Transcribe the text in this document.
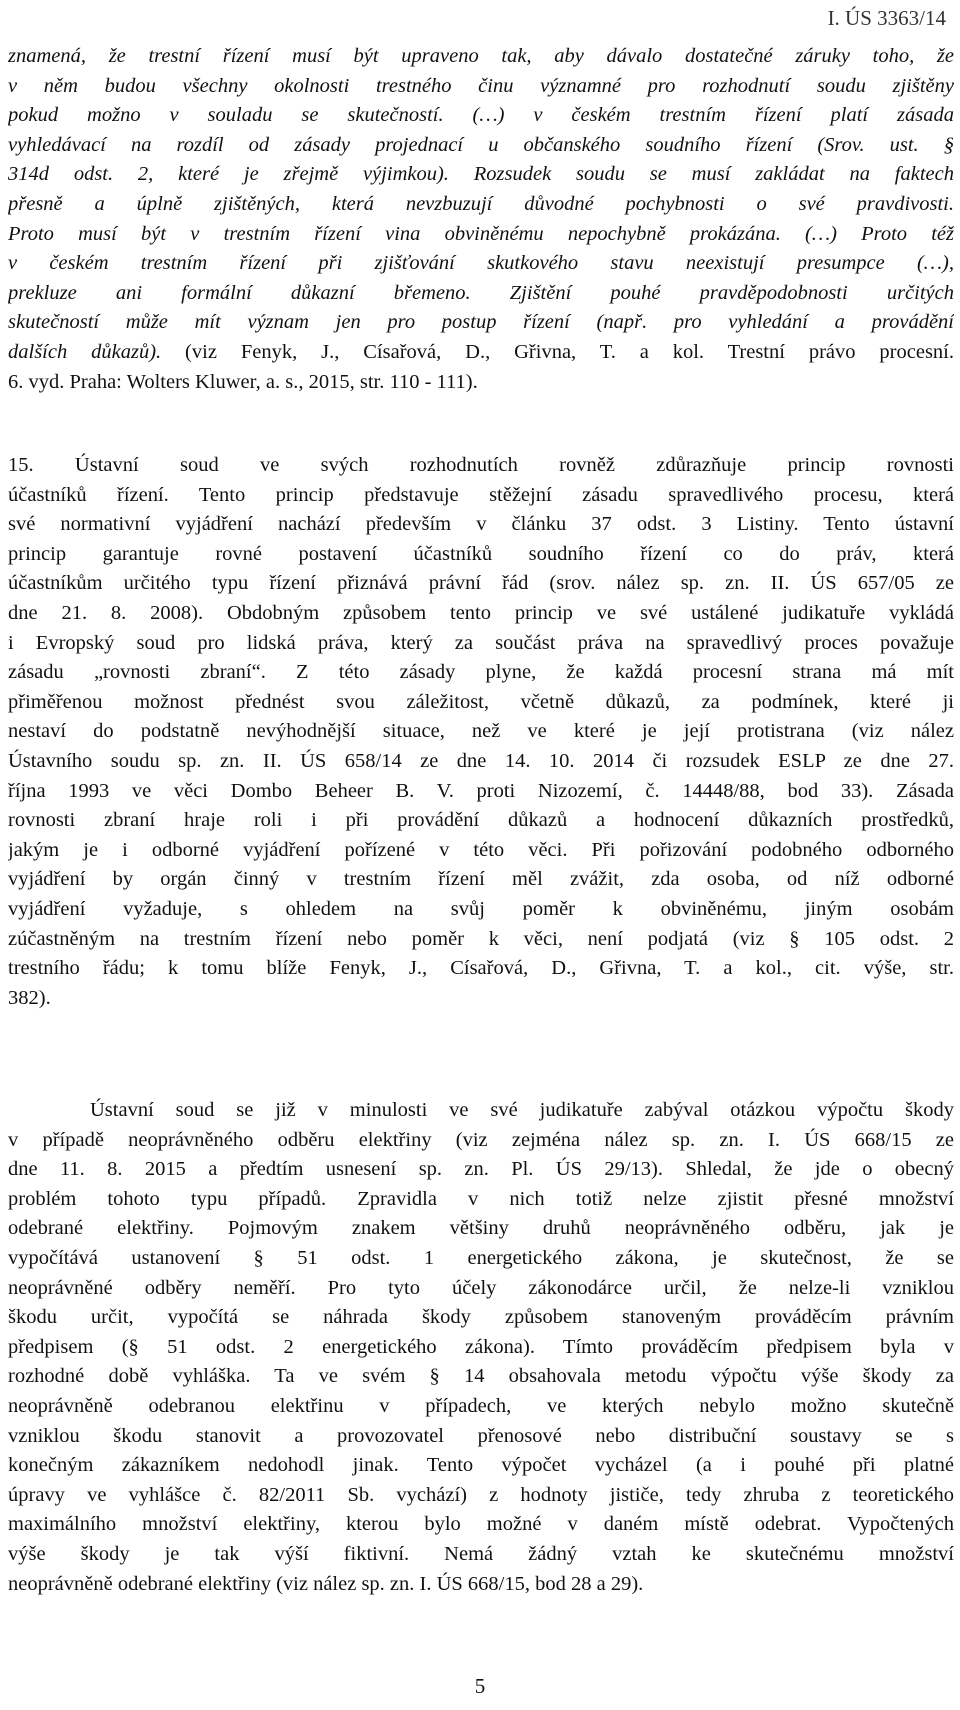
I. ÚS 3363/14
znamená, že trestní řízení musí být upraveno tak, aby dávalo dostatečné záruky toho, že
v něm budou všechny okolnosti trestného činu významné pro rozhodnutí soudu zjištěny
pokud možno v souladu se skutečností. (…) v českém trestním řízení platí zásada
vyhledávací na rozdíl od zásady projednací u občanského soudního řízení (Srov. ust. §
314d odst. 2, které je zřejmě výjimkou). Rozsudek soudu se musí zakládat na faktech
přesně a úplně zjištěných, která nevzbuzují důvodné pochybnosti o své pravdivosti.
Proto musí být v trestním řízení vina obviněnému nepochybně prokázána. (…) Proto též
v českém trestním řízení při zjišťování skutkového stavu neexistují presumpce (…),
prekluze ani formální důkazní břemeno. Zjištění pouhé pravděpodobnosti určitých
skutečností může mít význam jen pro postup řízení (např. pro vyhledání a provádění
dalších důkazů). (viz Fenyk, J., Císařová, D., Gřivna, T. a kol. Trestní právo procesní.
6. vyd. Praha: Wolters Kluwer, a. s., 2015, str. 110 - 111).
15. Ústavní soud ve svých rozhodnutích rovněž zdůrazňuje princip rovnosti
účastníků řízení. Tento princip představuje stěžejní zásadu spravedlivého procesu, která
své normativní vyjádření nachází především v článku 37 odst. 3 Listiny. Tento ústavní
princip garantuje rovné postavení účastníků soudního řízení co do práv, která
účastníkům určitého typu řízení přiznává právní řád (srov. nález sp. zn. II. ÚS 657/05 ze
dne 21. 8. 2008). Obdobným způsobem tento princip ve své ustálené judikatuře vykládá
i Evropský soud pro lidská práva, který za součást práva na spravedlivý proces považuje
zásadu „rovnosti zbraní“. Z této zásady plyne, že každá procesní strana má mít
přiměřenou možnost přednést svou záležitost, včetně důkazů, za podmínek, které ji
nestaví do podstatně nevýhodnější situace, než ve které je její protistrana (viz nález
Ústavního soudu sp. zn. II. ÚS 658/14 ze dne 14. 10. 2014 či rozsudek ESLP ze dne 27.
října 1993 ve věci Dombo Beheer B. V. proti Nizozemí, č. 14448/88, bod 33). Zásada
rovnosti zbraní hraje roli i při provádění důkazů a hodnocení důkazních prostředků,
jakým je i odborné vyjádření pořízené v této věci. Při pořizování podobného odborného
vyjádření by orgán činný v trestním řízení měl zvážit, zda osoba, od níž odborné
vyjádření vyžaduje, s ohledem na svůj poměr k obviněnému, jiným osobám
zúčastněným na trestním řízení nebo poměr k věci, není podjatá (viz § 105 odst. 2
trestního řádu; k tomu blíže Fenyk, J., Císařová, D., Gřivna, T. a kol., cit. výše, str.
382).
Ústavní soud se již v minulosti ve své judikatuře zabýval otázkou výpočtu škody
v případě neoprávněného odběru elektřiny (viz zejména nález sp. zn. I. ÚS 668/15 ze
dne 11. 8. 2015 a předtím usnesení sp. zn. Pl. ÚS 29/13). Shledal, že jde o obecný
problém tohoto typu případů. Zpravidla v nich totiž nelze zjistit přesné množství
odebrané elektřiny. Pojmovým znakem většiny druhů neoprávněného odběru, jak je
vypočítává ustanovení § 51 odst. 1 energetického zákona, je skutečnost, že se
neoprávněné odběry neměří. Pro tyto účely zákonodárce určil, že nelze-li vzniklou
škodu určit, vypočítá se náhrada škody způsobem stanoveným prováděcím právním
předpisem (§ 51 odst. 2 energetického zákona). Tímto prováděcím předpisem byla v
rozhodné době vyhláška. Ta ve svém § 14 obsahovala metodu výpočtu výše škody za
neoprávněně odebranou elektřinu v případech, ve kterých nebylo možno skutečně
vzniklou škodu stanovit a provozovatel přenosové nebo distribuční soustavy se s
konečným zákazníkem nedohodl jinak. Tento výpočet vycházel (a i pouhé při platné
úpravy ve vyhlášce č. 82/2011 Sb. vychází) z hodnoty jističe, tedy zhruba z teoretického
maximálního množství elektřiny, kterou bylo možné v daném místě odebrat. Vypočtených
výše škody je tak výší fiktivní. Nemá žádný vztah ke skutečnému množství
neoprávněně odebrané elektřiny (viz nález sp. zn. I. ÚS 668/15, bod 28 a 29).
5
